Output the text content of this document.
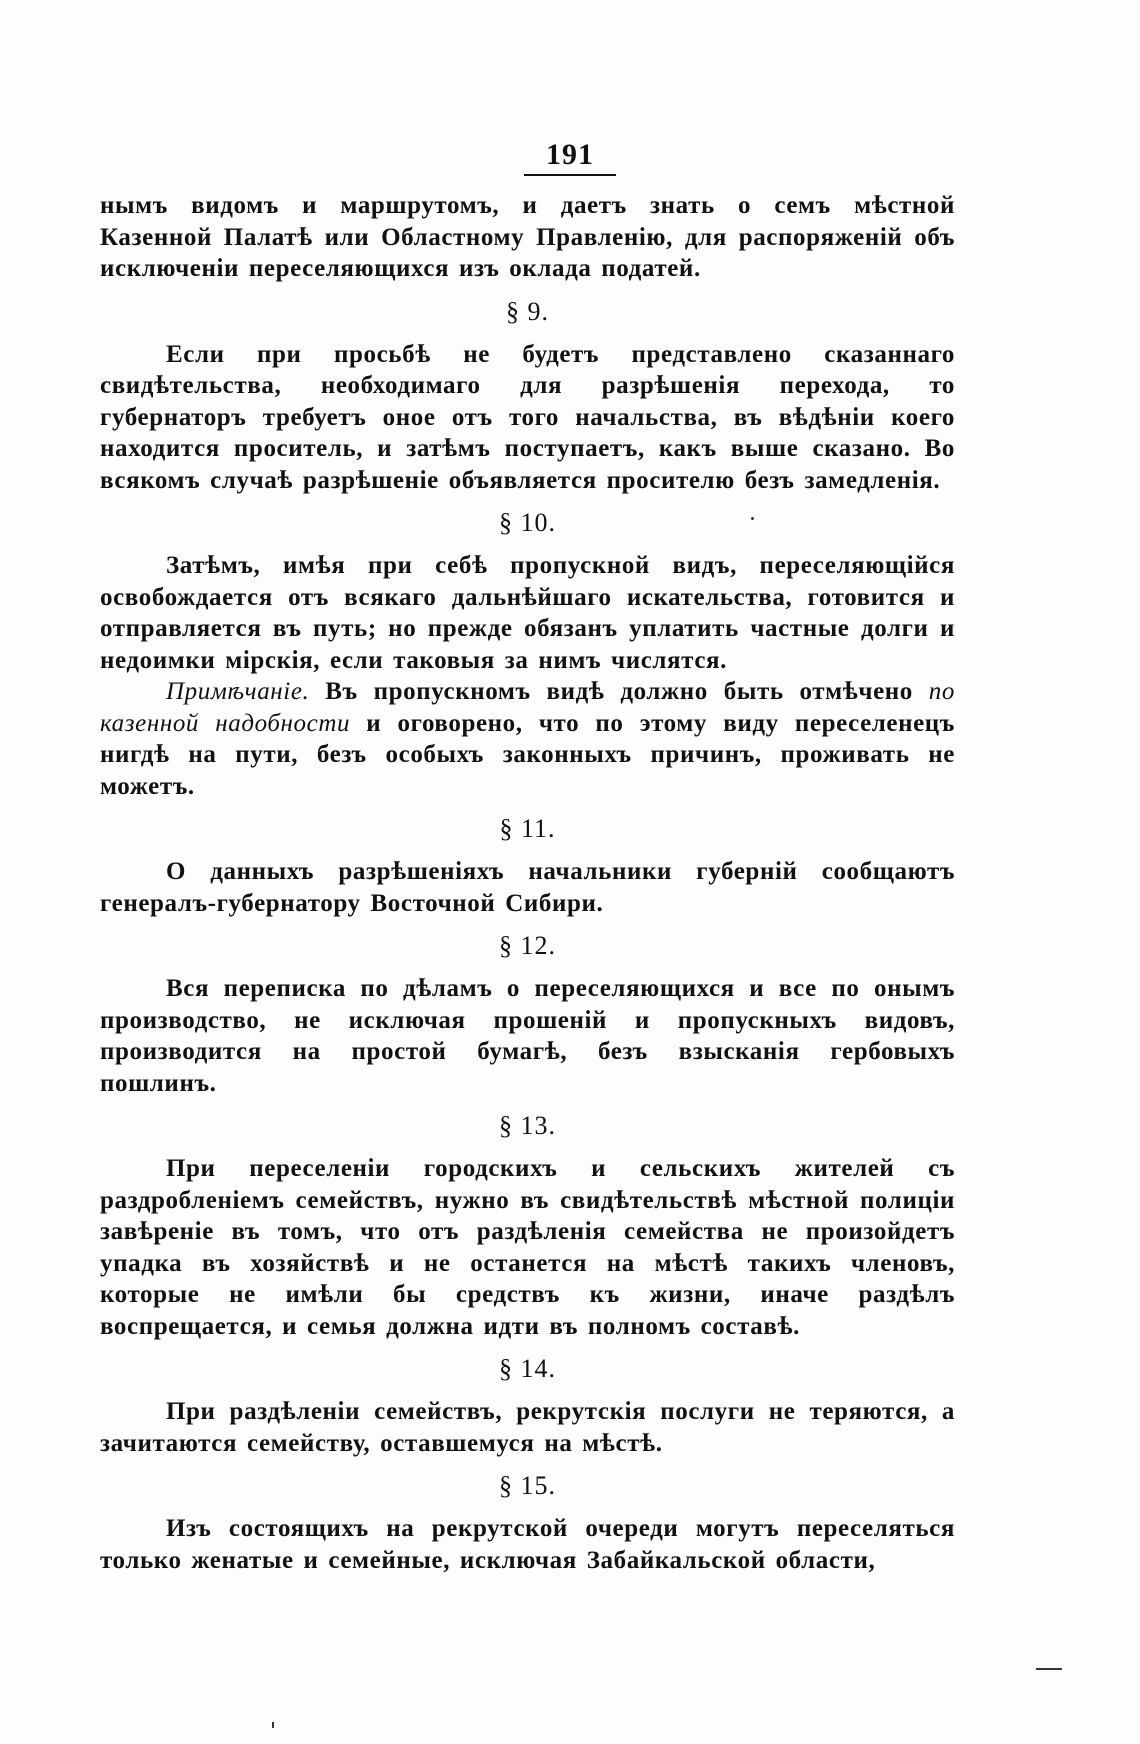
191

нымъ видомъ и маршрутомъ, и даетъ знать о семъ мѣстной Казенной Палатѣ или Областному Правленію, для распоряженій объ исключеніи переселяющихся изъ оклада податей.

§ 9.

Если при просьбѣ не будетъ представлено сказаннаго свидѣтельства, необходимаго для разрѣшенія перехода, то губернаторъ требуетъ оное отъ того начальства, въ вѣдѣніи коего находится проситель, и затѣмъ поступаетъ, какъ выше сказано. Во всякомъ случаѣ разрѣшеніе объявляется просителю безъ замедленія.

§ 10.

Затѣмъ, имѣя при себѣ пропускной видъ, переселяющійся освобождается отъ всякаго дальнѣйшаго искательства, готовится и отправляется въ путь; но прежде обязанъ уплатить частные долги и недоимки мірскія, если таковыя за нимъ числятся.

Примѣчаніе. Въ пропускномъ видѣ должно быть отмѣчено по казенной надобности и оговорено, что по этому виду переселенецъ нигдѣ на пути, безъ особыхъ законныхъ причинъ, проживать не можетъ.

§ 11.

О данныхъ разрѣшеніяхъ начальники губерній сообщаютъ генералъ-губернатору Восточной Сибири.

§ 12.

Вся переписка по дѣламъ о переселяющихся и все по онымъ производство, не исключая прошеній и пропускныхъ видовъ, производится на простой бумагѣ, безъ взысканія гербовыхъ пошлинъ.

§ 13.

При переселеніи городскихъ и сельскихъ жителей съ раздробленіемъ семействъ, нужно въ свидѣтельствѣ мѣстной полиціи завѣреніе въ томъ, что отъ раздѣленія семейства не произойдетъ упадка въ хозяйствѣ и не останется на мѣстѣ такихъ членовъ, которые не имѣли бы средствъ къ жизни, иначе раздѣлъ воспрещается, и семья должна идти въ полномъ составѣ.

§ 14.

При раздѣленіи семействъ, рекрутскія послуги не теряются, а зачитаются семейству, оставшемуся на мѣстѣ.

§ 15.

Изъ состоящихъ на рекрутской очереди могутъ переселяться только женатые и семейные, исключая Забайкальской области,
